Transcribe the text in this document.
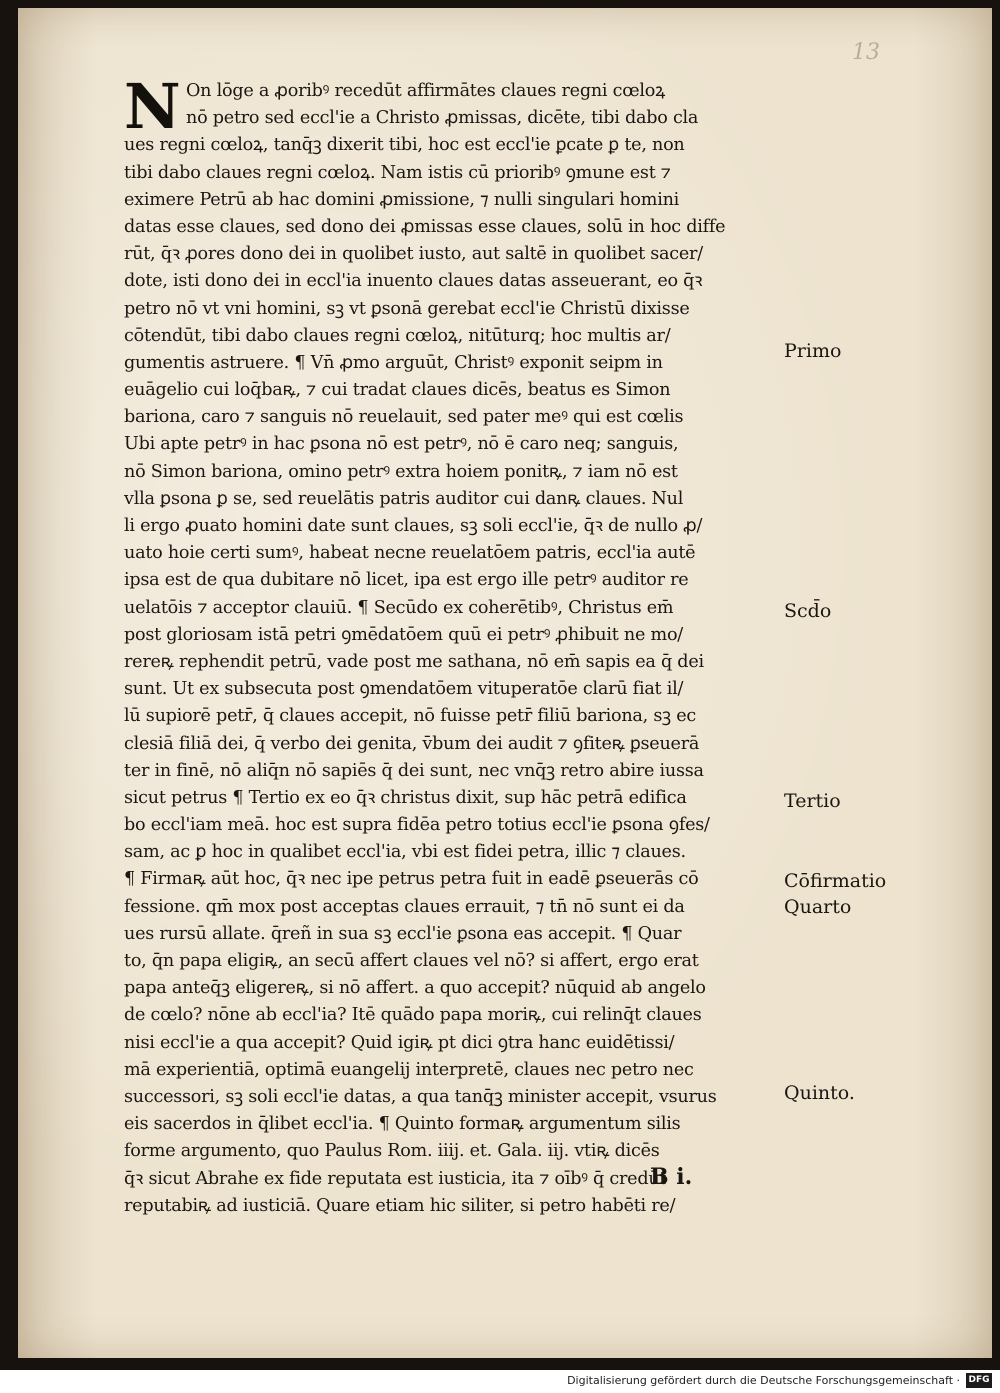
13
N On lōge a ꝓoribꝰ recedūt affirmātes claues regni cœloꝝ
nō petro sed eccl'ie a Christo ꝓmissas, dicēte, tibi dabo cla
ues regni cœloꝝ, tanq̄ꝫ dixerit tibi, hoc est eccl'ie ꝑcate ꝑ te, non
tibi dabo claues regni cœloꝝ. Nam istis cū prioribꝰ ꝯmune est ⁊
eximere Petrū ab hac domini ꝓmissione, ⁊ nulli singulari homini
datas esse claues, sed dono dei ꝓmissas esse claues, solū in hoc diffe
rūt, q̄ꝛ ꝓores dono dei in quolibet iusto, aut saltē in quolibet sacer/
dote, isti dono dei in eccl'ia inuento claues datas asseuerant, eo q̄ꝛ
petro nō vt vni homini, sꝫ vt ꝑsonā gerebat eccl'ie Christū dixisse
cōtendūt, tibi dabo claues regni cœloꝝ, nitūturq; hoc multis ar/
gumentis astruere. ¶ Vn̄ ꝓmo arguūt, Christꝰ exponit seipm in
euāgelio cui loq̄baꝶ, ⁊ cui tradat claues dicēs, beatus es Simon
bariona, caro ⁊ sanguis nō reuelauit, sed pater meꝰ qui est cœlis
Ubi apte petrꝰ in hac ꝑsona nō est petrꝰ, nō ē caro neq; sanguis,
nō Simon bariona, omino petrꝰ extra hoiem ponitꝶ, ⁊ iam nō est
vlla ꝑsona ꝑ se, sed reuelātis patris auditor cui danꝶ claues. Nul
li ergo ꝓuato homini date sunt claues, sꝫ soli eccl'ie, q̄ꝛ de nullo ꝓ/
uato hoie certi sumꝰ, habeat necne reuelatōem patris, eccl'ia autē
ipsa est de qua dubitare nō licet, ipa est ergo ille petrꝰ auditor re
uelatōis ⁊ acceptor clauiū. ¶ Secūdo ex coherētibꝰ, Christus em̄
post gloriosam istā petri ꝯmēdatōem quū ei petrꝰ ꝓhibuit ne mo/
rereꝶ rephendit petrū, vade post me sathana, nō em̄ sapis ea q̄ dei
sunt. Ut ex subsecuta post ꝯmendatōem vituperatōe clarū fiat il/
lū supiorē petr̄, q̄ claues accepit, nō fuisse petr̄ filiū bariona, sꝫ ec
clesiā filiā dei, q̄ verbo dei genita, v̄bum dei audit ⁊ ꝯfiteꝶ ꝑseuerā
ter in finē, nō aliq̄n nō sapiēs q̄ dei sunt, nec vnq̄ꝫ retro abire iussa
sicut petrus ¶ Tertio ex eo q̄ꝛ christus dixit, sup hāc petrā edifica
bo eccl'iam meā. hoc est supra fidēa petro totius eccl'ie ꝑsona ꝯfes/
sam, ac ꝑ hoc in qualibet eccl'ia, vbi est fidei petra, illic ⁊ claues.
¶ Firmaꝶ aūt hoc, q̄ꝛ nec ipe petrus petra fuit in eadē ꝑseuerās cō
fessione. qm̄ mox post acceptas claues errauit, ⁊ tn̄ nō sunt ei da
ues rursū allate. q̄reñ in sua sꝫ eccl'ie ꝑsona eas accepit. ¶ Quar
to, q̄n papa eligiꝶ, an secū affert claues vel nō? si affert, ergo erat
papa anteq̄ꝫ eligereꝶ, si nō affert. a quo accepit? nūquid ab angelo
de cœlo? nōne ab eccl'ia? Itē quādo papa moriꝶ, cui relinq̄t claues
nisi eccl'ie a qua accepit? Quid igiꝶ pt dici ꝯtra hanc euidētissi/
mā experientiā, optimā euangelij interpretē, claues nec petro nec
successori, sꝫ soli eccl'ie datas, a qua tanq̄ꝫ minister accepit, vsurus
eis sacerdos in q̄libet eccl'ia. ¶ Quinto formaꝶ argumentum silis
forme argumento, quo Paulus Rom. iiij. et. Gala. iij. vtiꝶ dicēs
q̄ꝛ sicut Abrahe ex fide reputata est iusticia, ita ⁊ oībꝰ q̄ credūt
reputabiꝶ ad iusticiā. Quare etiam hic siliter, si petro habēti re/
Primo
Scd̄o
Tertio
Cōfirmatio
Quarto
Quinto.
B i.
Digitalisierung gefördert durch die Deutsche Forschungsgemeinschaft · DFG
